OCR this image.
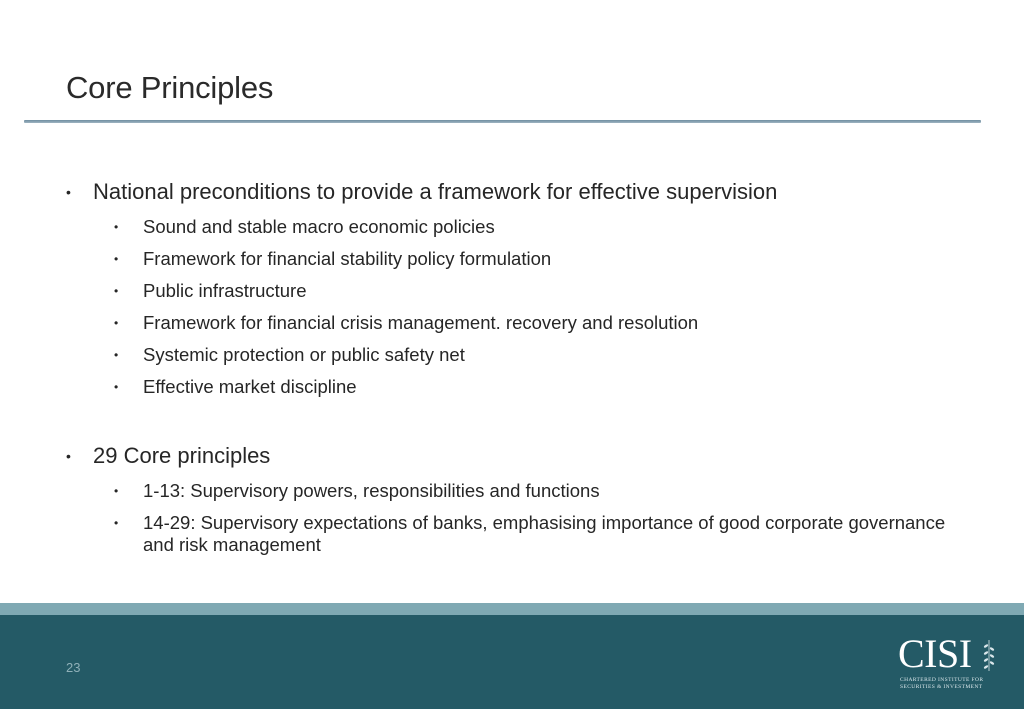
Core Principles
• National preconditions to provide a framework for effective supervision
• Sound and stable macro economic policies
• Framework for financial stability policy formulation
• Public infrastructure
• Framework for financial crisis management. recovery and resolution
• Systemic protection or public safety net
• Effective market discipline
• 29 Core principles
• 1-13: Supervisory powers, responsibilities and functions
• 14-29: Supervisory expectations of banks, emphasising importance of good corporate governance and risk management
23	CISI
CHARTERED INSTITUTE FOR
SECURITIES & INVESTMENT
